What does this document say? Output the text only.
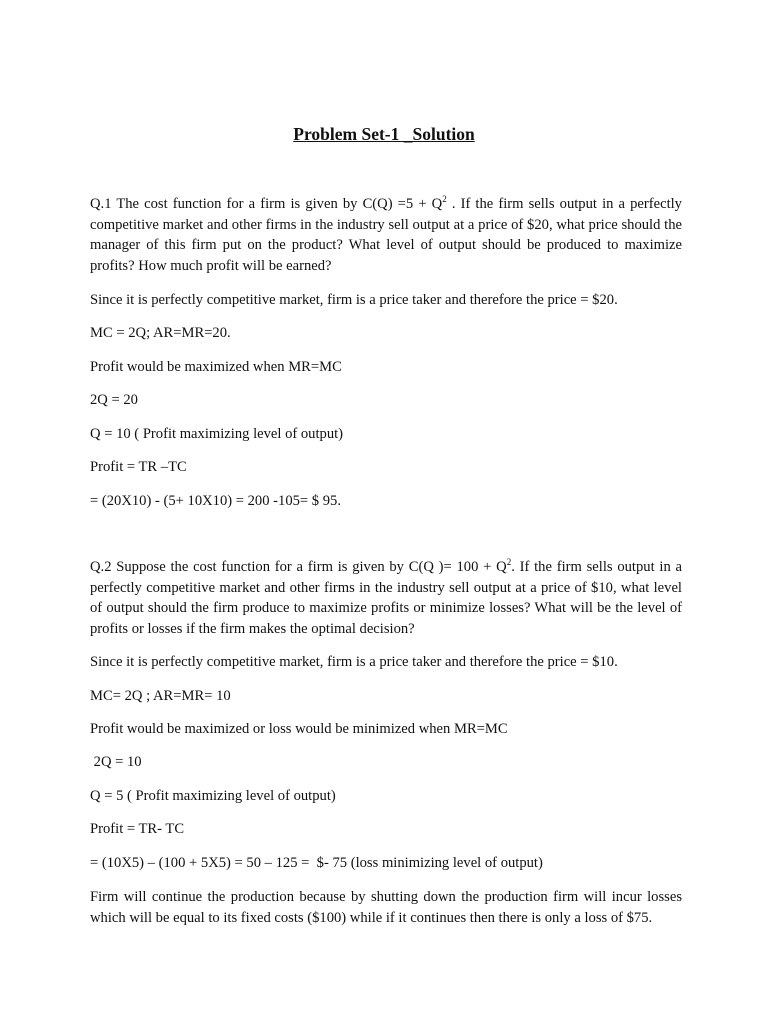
Problem Set-1 _Solution

Q.1 The cost function for a firm is given by $C(Q) =5 + Q^2$ . If the firm sells output in a perfectly competitive market and other firms in the industry sell output at a price of $20, what price should the manager of this firm put on the product? What level of output should be produced to maximize profits? How much profit will be earned?

Since it is perfectly competitive market, firm is a price taker and therefore the price = $20.

MC = 2Q; AR=MR=20.

Profit would be maximized when MR=MC

2Q = 20

Q = 10 ( Profit maximizing level of output)

Profit = TR –TC

= (20X10) - (5+ 10X10) = 200 -105= $ 95.

Q.2 Suppose the cost function for a firm is given by C(Q )= $100 + Q^2$. If the firm sells output in a perfectly competitive market and other firms in the industry sell output at a price of $10, what level of output should the firm produce to maximize profits or minimize losses? What will be the level of profits or losses if the firm makes the optimal decision?

Since it is perfectly competitive market, firm is a price taker and therefore the price = $10.

MC= 2Q ; AR=MR= 10

Profit would be maximized or loss would be minimized when MR=MC

2Q = 10

Q = 5 ( Profit maximizing level of output)

Profit = TR- TC

= (10X5) – (100 + 5X5) = 50 – 125 =  $- 75 (loss minimizing level of output)

Firm will continue the production because by shutting down the production firm will incur losses which will be equal to its fixed costs ($100) while if it continues then there is only a loss of $75.
